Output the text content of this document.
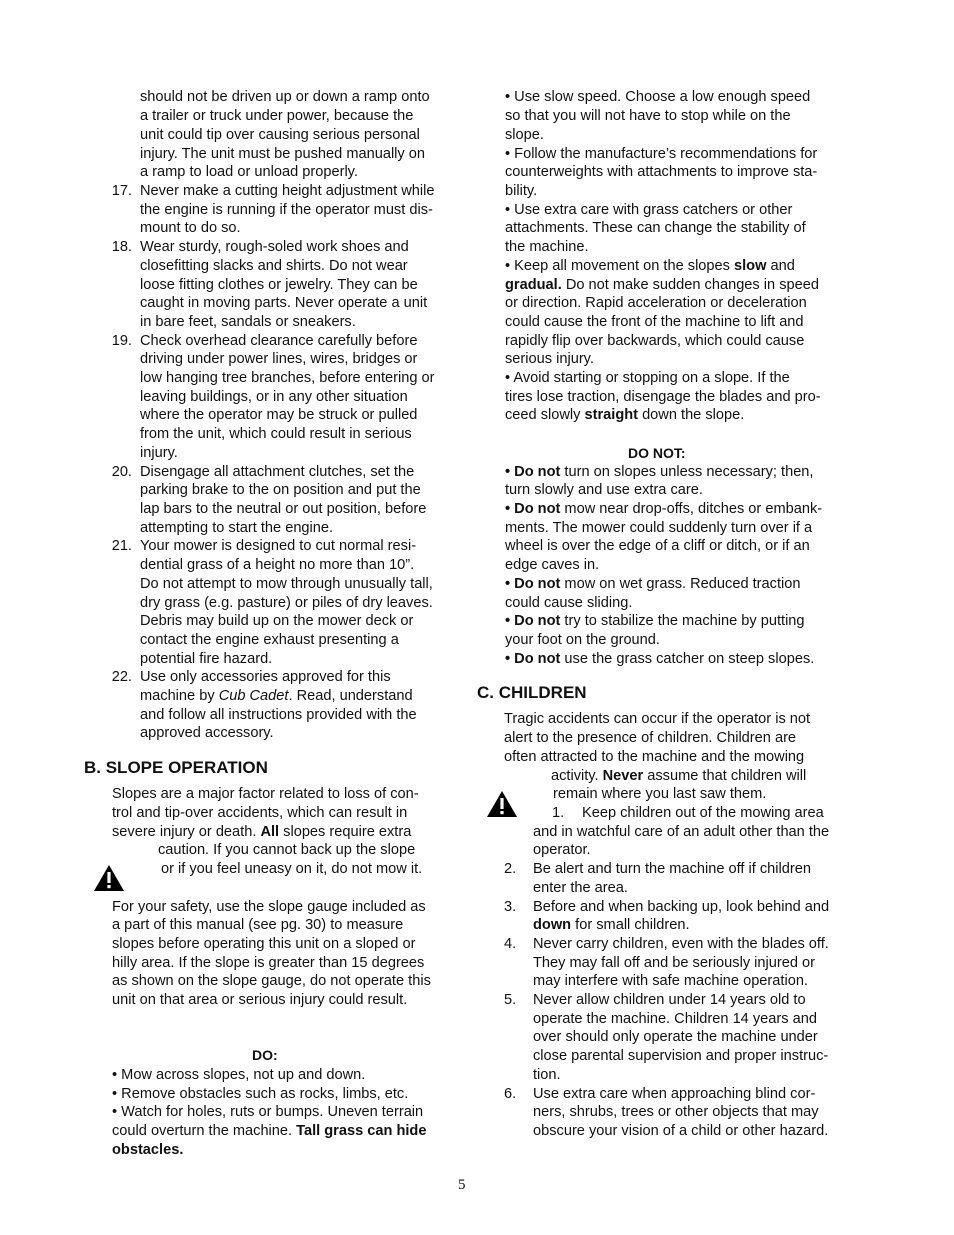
should not be driven up or down a ramp onto
a trailer or truck under power, because the
unit could tip over causing serious personal
injury. The unit must be pushed manually on
a ramp to load or unload properly.
17. Never make a cutting height adjustment while
the engine is running if the operator must dis-
mount to do so.
18. Wear sturdy, rough-soled work shoes and
closefitting slacks and shirts. Do not wear
loose fitting clothes or jewelry. They can be
caught in moving parts. Never operate a unit
in bare feet, sandals or sneakers.
19. Check overhead clearance carefully before
driving under power lines, wires, bridges or
low hanging tree branches, before entering or
leaving buildings, or in any other situation
where the operator may be struck or pulled
from the unit, which could result in serious
injury.
20. Disengage all attachment clutches, set the
parking brake to the on position and put the
lap bars to the neutral or out position, before
attempting to start the engine.
21. Your mower is designed to cut normal resi-
dential grass of a height no more than 10”.
Do not attempt to mow through unusually tall,
dry grass (e.g. pasture) or piles of dry leaves.
Debris may build up on the mower deck or
contact the engine exhaust presenting a
potential fire hazard.
22. Use only accessories approved for this
machine by Cub Cadet. Read, understand
and follow all instructions provided with the
approved accessory.
B. SLOPE OPERATION
Slopes are a major factor related to loss of con-
trol and tip-over accidents, which can result in
severe injury or death. All slopes require extra
caution. If you cannot back up the slope
or if you feel uneasy on it, do not mow it.
For your safety, use the slope gauge included as
a part of this manual (see pg. 30) to measure
slopes before operating this unit on a sloped or
hilly area. If the slope is greater than 15 degrees
as shown on the slope gauge, do not operate this
unit on that area or serious injury could result.
DO:
• Mow across slopes, not up and down.
• Remove obstacles such as rocks, limbs, etc.
• Watch for holes, ruts or bumps. Uneven terrain
could overturn the machine. Tall grass can hide
obstacles.
• Use slow speed. Choose a low enough speed
so that you will not have to stop while on the
slope.
• Follow the manufacture’s recommendations for
counterweights with attachments to improve sta-
bility.
• Use extra care with grass catchers or other
attachments. These can change the stability of
the machine.
• Keep all movement on the slopes slow and
gradual. Do not make sudden changes in speed
or direction. Rapid acceleration or deceleration
could cause the front of the machine to lift and
rapidly flip over backwards, which could cause
serious injury.
• Avoid starting or stopping on a slope. If the
tires lose traction, disengage the blades and pro-
ceed slowly straight down the slope.
DO NOT:
• Do not turn on slopes unless necessary; then,
turn slowly and use extra care.
• Do not mow near drop-offs, ditches or embank-
ments. The mower could suddenly turn over if a
wheel is over the edge of a cliff or ditch, or if an
edge caves in.
• Do not mow on wet grass. Reduced traction
could cause sliding.
• Do not try to stabilize the machine by putting
your foot on the ground.
• Do not use the grass catcher on steep slopes.
C. CHILDREN
Tragic accidents can occur if the operator is not
alert to the presence of children. Children are
often attracted to the machine and the mowing
activity. Never assume that children will
remain where you last saw them.
1. Keep children out of the mowing area
and in watchful care of an adult other than the
operator.
2. Be alert and turn the machine off if children
enter the area.
3. Before and when backing up, look behind and
down for small children.
4. Never carry children, even with the blades off.
They may fall off and be seriously injured or
may interfere with safe machine operation.
5. Never allow children under 14 years old to
operate the machine. Children 14 years and
over should only operate the machine under
close parental supervision and proper instruc-
tion.
6. Use extra care when approaching blind cor-
ners, shrubs, trees or other objects that may
obscure your vision of a child or other hazard.
5
